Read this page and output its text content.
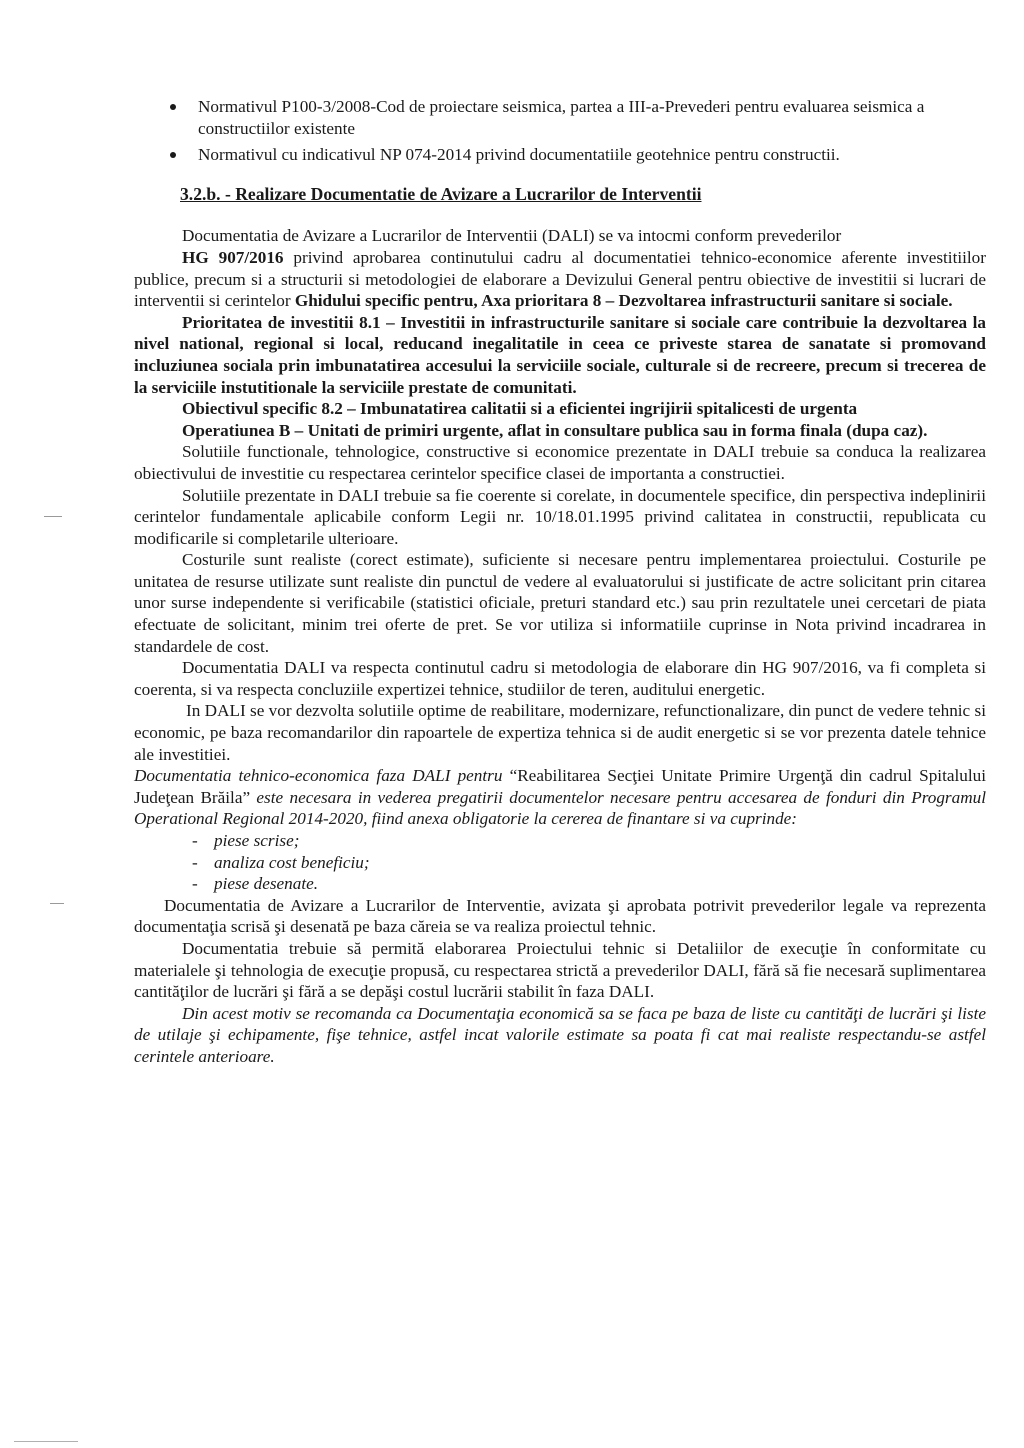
Normativul P100-3/2008-Cod de proiectare seismica, partea a III-a-Prevederi pentru evaluarea seismica a constructiilor existente
Normativul cu indicativul NP 074-2014 privind documentatiile geotehnice pentru constructii.

3.2.b. - Realizare Documentatie de Avizare a Lucrarilor de Interventii

Documentatia de Avizare a Lucrarilor de Interventii (DALI) se va intocmi conform prevederilor
HG 907/2016 privind aprobarea continutului cadru al documentatiei tehnico-economice aferente investitiilor publice, precum si a structurii si metodologiei de elaborare a Devizului General pentru obiective de investitii si lucrari de interventii si cerintelor Ghidului specific pentru, Axa prioritara 8 – Dezvoltarea infrastructurii sanitare si sociale.

Prioritatea de investitii 8.1 – Investitii in infrastructurile sanitare si sociale care contribuie la dezvoltarea la nivel national, regional si local, reducand inegalitatile in ceea ce priveste starea de sanatate si promovand incluziunea sociala prin imbunatatirea accesului la serviciile sociale, culturale si de recreere, precum si trecerea de la serviciile instutitionale la serviciile prestate de comunitati.

Obiectivul specific 8.2 – Imbunatatirea calitatii si a eficientei ingrijirii spitalicesti de urgenta

Operatiunea B – Unitati de primiri urgente, aflat in consultare publica sau in forma finala (dupa caz).

Solutiile functionale, tehnologice, constructive si economice prezentate in DALI trebuie sa conduca la realizarea obiectivului de investitie cu respectarea cerintelor specifice clasei de importanta a constructiei.

Solutiile prezentate in DALI trebuie sa fie coerente si corelate, in documentele specifice, din perspectiva indeplinirii cerintelor fundamentale aplicabile conform Legii nr. 10/18.01.1995 privind calitatea in constructii, republicata cu modificarile si completarile ulterioare.

Costurile sunt realiste (corect estimate), suficiente si necesare pentru implementarea proiectului. Costurile pe unitatea de resurse utilizate sunt realiste din punctul de vedere al evaluatorului si justificate de actre solicitant prin citarea unor surse independente si verificabile (statistici oficiale, preturi standard etc.) sau prin rezultatele unei cercetari de piata efectuate de solicitant, minim trei oferte de pret. Se vor utiliza si informatiile cuprinse in Nota privind incadrarea in standardele de cost.

Documentatia DALI va respecta continutul cadru si metodologia de elaborare din HG 907/2016, va fi completa si coerenta, si va respecta concluziile expertizei tehnice, studiilor de teren, auditului energetic.

In DALI se vor dezvolta solutiile optime de reabilitare, modernizare, refunctionalizare, din punct de vedere tehnic si economic, pe baza recomandarilor din rapoartele de expertiza tehnica si de audit energetic si se vor prezenta datele tehnice ale investitiei.

Documentatia tehnico-economica faza DALI pentru “Reabilitarea Secţiei Unitate Primire Urgenţă din cadrul Spitalului Judeţean Brăila” este necesara in vederea pregatirii documentelor necesare pentru accesarea de fonduri din Programul Operational Regional 2014-2020, fiind anexa obligatorie la cererea de finantare si va cuprinde:

- piese scrise;
- analiza cost beneficiu;
- piese desenate.

Documentatia de Avizare a Lucrarilor de Interventie, avizata şi aprobata potrivit prevederilor legale va reprezenta documentaţia scrisă şi desenată pe baza căreia se va realiza proiectul tehnic.

Documentatia trebuie să permită elaborarea Proiectului tehnic si Detaliilor de execuţie în conformitate cu materialele şi tehnologia de execuţie propusă, cu respectarea strictă a prevederilor DALI, fără să fie necesară suplimentarea cantităţilor de lucrări şi fără a se depăşi costul lucrării stabilit în faza DALI.

Din acest motiv se recomanda ca Documentaţia economică sa se faca pe baza de liste cu cantităţi de lucrări şi liste de utilaje şi echipamente, fişe tehnice, astfel incat valorile estimate sa poata fi cat mai realiste respectandu-se astfel cerintele anterioare.
